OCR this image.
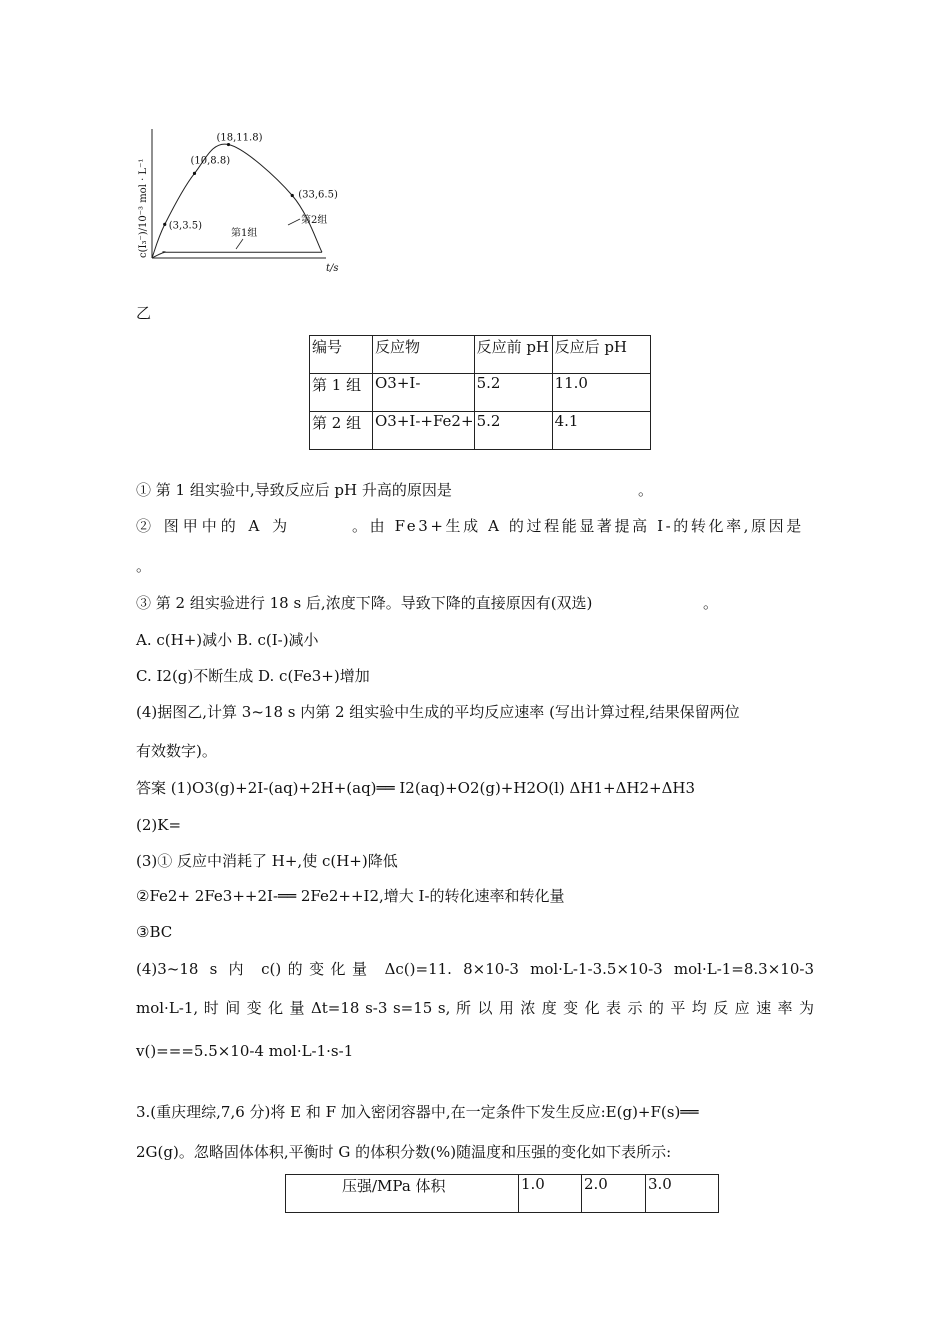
(3,3.5)
(10,8.8)
(18,11.8)
(33,6.5)
c(I₃⁻)/10⁻³ mol · L⁻¹
t/s
第1组
第2组
乙
编号	反应物	反应前 pH	反应后 pH
第 1 组	O3+I-	5.2	11.0
第 2 组	O3+I-+Fe2+	5.2	4.1
① 第 1 组实验中,导致反应后 pH 升高的原因是	。
② 图甲中的 A 为	。由 Fe3+生成 A 的过程能显著提高 I-的转化率,原因是
。
③ 第 2 组实验进行 18 s 后,浓度下降。导致下降的直接原因有(双选)	。
A. c(H+)减小 B. c(I-)减小
C. I2(g)不断生成 D. c(Fe3+)增加
(4)据图乙,计算 3~18 s 内第 2 组实验中生成的平均反应速率 (写出计算过程,结果保留两位
有效数字)。
答案 (1)O3(g)+2I-(aq)+2H+(aq)══ I2(aq)+O2(g)+H2O(l) ΔH1+ΔH2+ΔH3
(2)K=
(3)① 反应中消耗了 H+,使 c(H+)降低
②Fe2+ 2Fe3++2I-══ 2Fe2++I2,增大 I-的转化速率和转化量
③BC
(4)3~18 s 内 c()的变化量 Δc()=11. 8×10-3 mol·L-1-3.5×10-3 mol·L-1=8.3×10-3
mol·L-1, 时 间 变 化 量 Δt=18 s-3 s=15 s, 所 以 用 浓 度 变 化 表 示 的 平 均 反 应 速 率 为
v()===5.5×10-4 mol·L-1·s-1
3.(重庆理综,7,6 分)将 E 和 F 加入密闭容器中,在一定条件下发生反应:E(g)+F(s)══
2G(g)。忽略固体体积,平衡时 G 的体积分数(%)随温度和压强的变化如下表所示:
压强/MPa 体积	1.0	2.0	3.0
